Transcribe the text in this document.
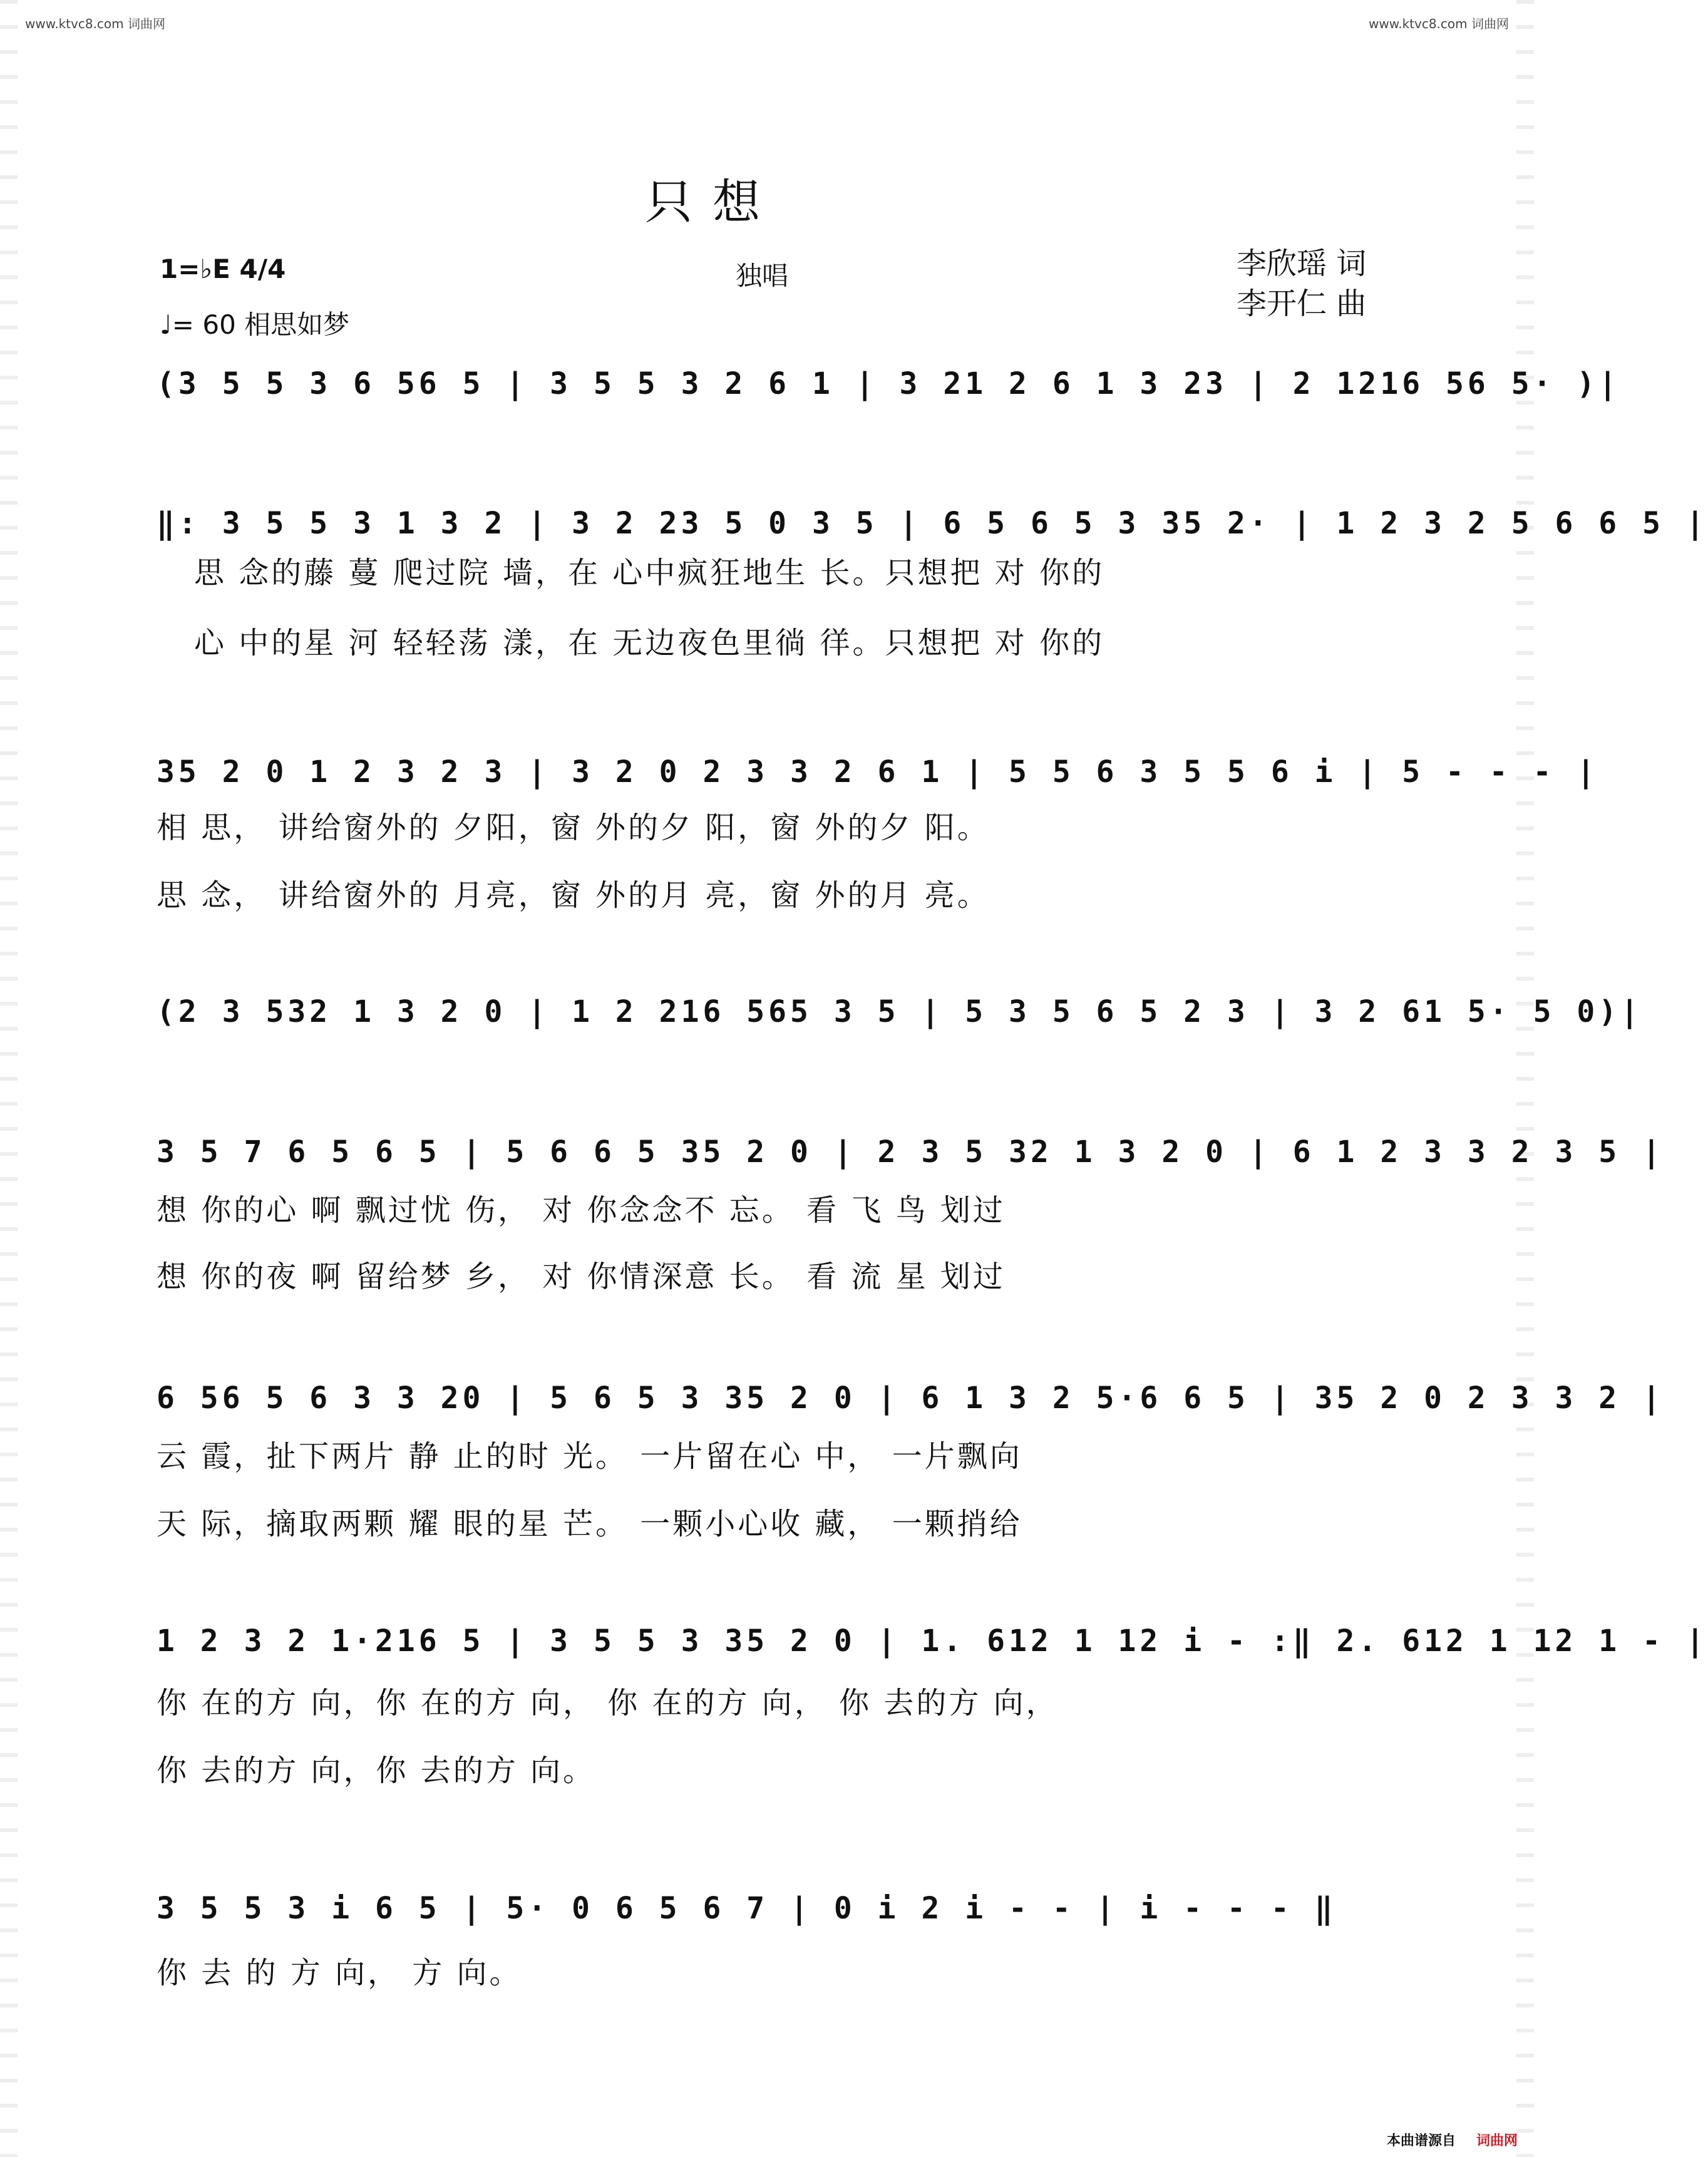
www.ktvc8.com 词曲网	www.ktvc8.com 词曲网
只 想
1=♭E 4/4
♩= 60 相思如梦
独唱	李欣瑶 词
李开仁 曲
(3 5 5 3 6 56 5 | 3 5 5 3 2 6 1 | 3 21 2 6 1 3 23 | 2 1216 56 5· )|
‖: 3 5 5 3 1 3 2 | 3 2 23 5 0 3 5 | 6 5 6 5 3 35 2· | 1 2 3 2 5 6 6 5 |
思 念的藤 蔓 爬过院 墙，在 心中疯狂地生 长。只想把 对 你的
心 中的星 河 轻轻荡 漾，在 无边夜色里徜 徉。只想把 对 你的
35 2 0 1 2 3 2 3 | 3 2 0 2 3 3 2 6 1 | 5 5 6 3 5 5 6 i | 5 - - - |
相 思， 讲给窗外的 夕阳，窗 外的夕 阳，窗 外的夕 阳。
思 念， 讲给窗外的 月亮，窗 外的月 亮，窗 外的月 亮。
(2 3 532 1 3 2 0 | 1 2 216 565 3 5 | 5 3 5 6 5 2 3 | 3 2 61 5· 5 0)|
3 5 7 6 5 6 5 | 5 6 6 5 35 2 0 | 2 3 5 32 1 3 2 0 | 6 1 2 3 3 2 3 5 |
想 你的心 啊 飘过忧 伤， 对 你念念不 忘。 看 飞 鸟 划过
想 你的夜 啊 留给梦 乡， 对 你情深意 长。 看 流 星 划过
6 56 5 6 3 3 20 | 5 6 5 3 35 2 0 | 6 1 3 2 5·6 6 5 | 35 2 0 2 3 3 2 |
云 霞，扯下两片 静 止的时 光。 一片留在心 中， 一片飘向
天 际，摘取两颗 耀 眼的星 芒。 一颗小心收 藏， 一颗捎给
1 2 3 2 1·216 5 | 3 5 5 3 35 2 0 | 1. 612 1 12 i - :‖ 2. 612 1 12 1 - |
你 在的方 向，你 在的方 向， 你 在的方 向， 你 去的方 向，
你 去的方 向，你 去的方 向。
3 5 5 3 i 6 5 | 5· 0 6 5 6 7 | 0 i 2 i - - | i - - - ‖
你 去 的 方 向， 方 向。
本曲谱源自 词曲网
